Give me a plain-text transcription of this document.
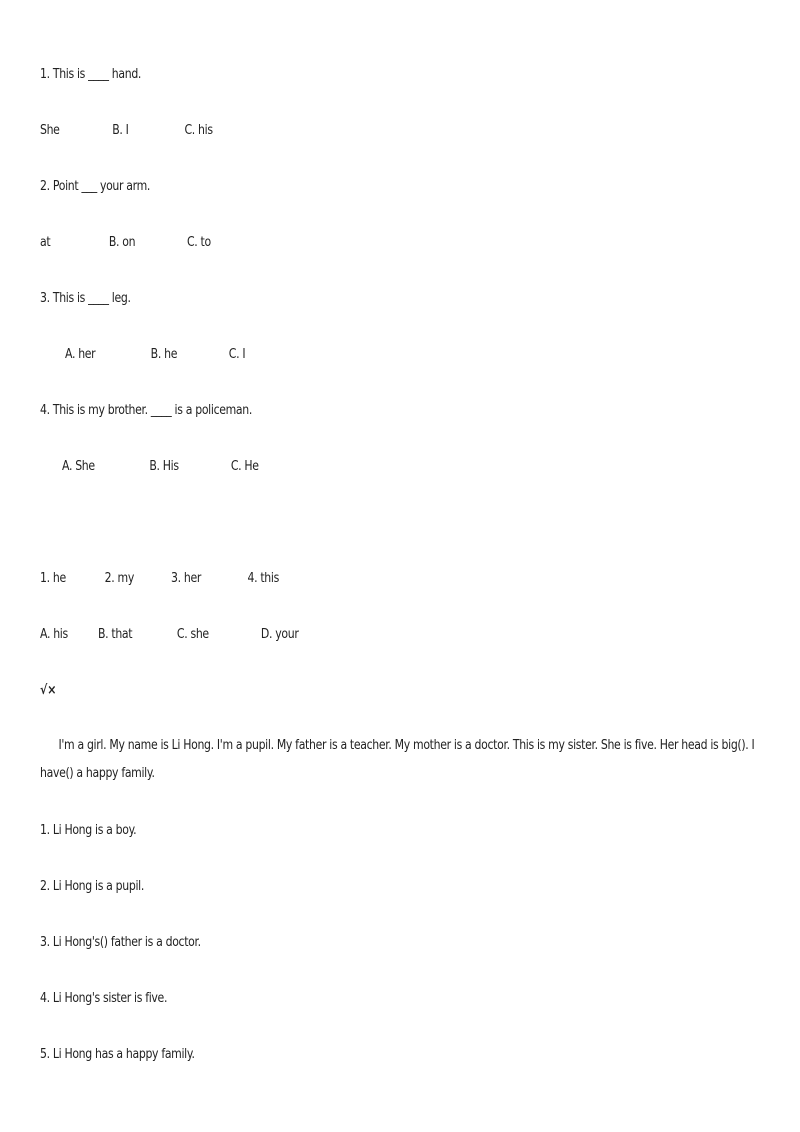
1. This is ____ hand.
She	B. I	C. his
2. Point ___ your arm.
at	B. on	C. to
3. This is ____ leg.
A. her	B. he	C. I
4. This is my brother. ____ is a policeman.
A. She	B. His	C. He
1. he	2. my	3. her	4. this
A. his B. that	C. she	D. your
√×
I'm a girl. My name is Li Hong. I'm a pupil. My father is a teacher. My mother is a doctor. This is my sister. She is five. Her head is big(). I have() a happy family.
1. Li Hong is a boy.
2. Li Hong is a pupil.
3. Li Hong's() father is a doctor.
4. Li Hong's sister is five.
5. Li Hong has a happy family.
